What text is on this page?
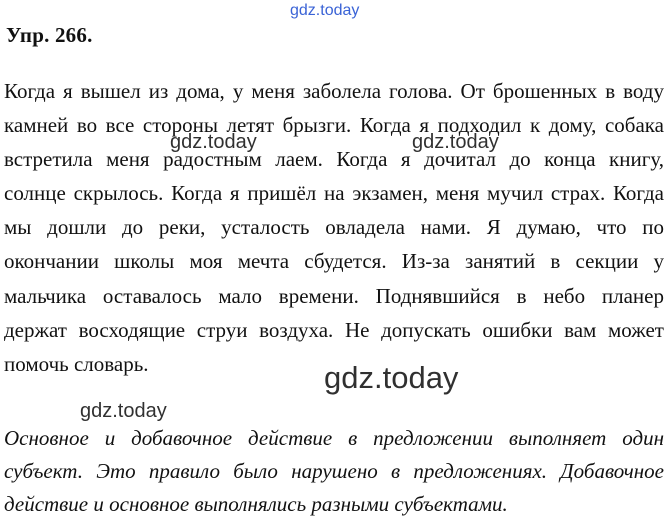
Упр. 266.
gdz.today
Когда я вышел из дома, у меня заболела голова. От брошенных в воду
камней во все стороны летят брызги. Когда я подходил к дому, собака
встретила меня радостным лаем. Когда я дочитал до конца книгу,
солнце скрылось. Когда я пришёл на экзамен, меня мучил страх. Когда
мы дошли до реки, усталость овладела нами. Я думаю, что по
окончании школы моя мечта сбудется. Из-за занятий в секции у
мальчика оставалось мало времени. Поднявшийся в небо планер
держат восходящие струи воздуха. Не допускать ошибки вам может
помочь словарь.
Основное и добавочное действие в предложении выполняет один
субъект. Это правило было нарушено в предложениях. Добавочное
действие и основное выполнялись разными субъектами.
gdz.today	gdz.today
gdz.today
gdz.today
